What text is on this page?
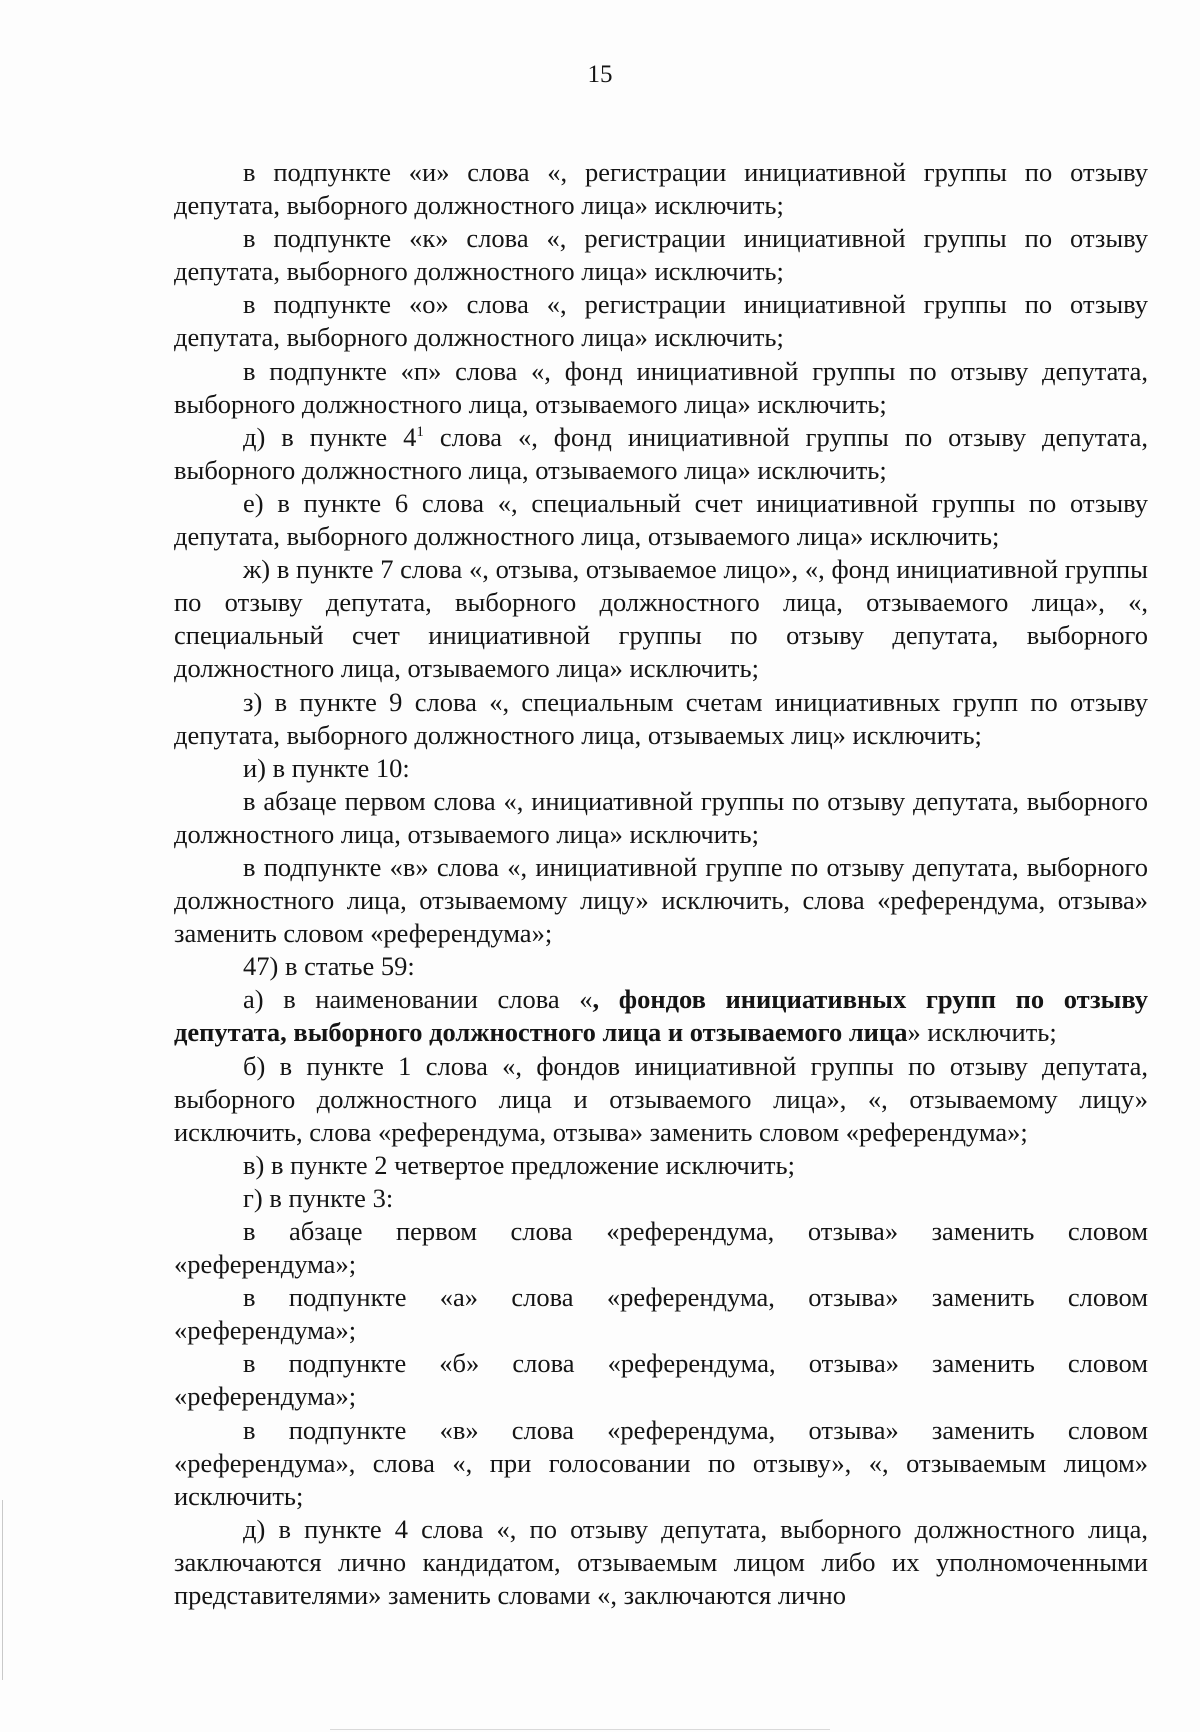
15

в подпункте «и» слова «, регистрации инициативной группы по отзыву депутата, выборного должностного лица» исключить;

в подпункте «к» слова «, регистрации инициативной группы по отзыву депутата, выборного должностного лица» исключить;

в подпункте «о» слова «, регистрации инициативной группы по отзыву депутата, выборного должностного лица» исключить;

в подпункте «п» слова «, фонд инициативной группы по отзыву депутата, выборного должностного лица, отзываемого лица» исключить;

д) в пункте $4^1$ слова «, фонд инициативной группы по отзыву депутата, выборного должностного лица, отзываемого лица» исключить;

е) в пункте 6 слова «, специальный счет инициативной группы по отзыву депутата, выборного должностного лица, отзываемого лица» исключить;

ж) в пункте 7 слова «, отзыва, отзываемое лицо», «, фонд инициативной группы по отзыву депутата, выборного должностного лица, отзываемого лица», «, специальный счет инициативной группы по отзыву депутата, выборного должностного лица, отзываемого лица» исключить;

з) в пункте 9 слова «, специальным счетам инициативных групп по отзыву депутата, выборного должностного лица, отзываемых лиц» исключить;

и) в пункте 10:

в абзаце первом слова «, инициативной группы по отзыву депутата, выборного должностного лица, отзываемого лица» исключить;

в подпункте «в» слова «, инициативной группе по отзыву депутата, выборного должностного лица, отзываемому лицу» исключить, слова «референдума, отзыва» заменить словом «референдума»;

47) в статье 59:

а) в наименовании слова «, фондов инициативных групп по отзыву депутата, выборного должностного лица и отзываемого лица» исключить;

б) в пункте 1 слова «, фондов инициативной группы по отзыву депутата, выборного должностного лица и отзываемого лица», «, отзываемому лицу» исключить, слова «референдума, отзыва» заменить словом «референдума»;

в) в пункте 2 четвертое предложение исключить;

г) в пункте 3:

в абзаце первом слова «референдума, отзыва» заменить словом «референдума»;

в подпункте «а» слова «референдума, отзыва» заменить словом «референдума»;

в подпункте «б» слова «референдума, отзыва» заменить словом «референдума»;

в подпункте «в» слова «референдума, отзыва» заменить словом «референдума», слова «, при голосовании по отзыву», «, отзываемым лицом» исключить;

д) в пункте 4 слова «, по отзыву депутата, выборного должностного лица, заключаются лично кандидатом, отзываемым лицом либо их уполномоченными представителями» заменить словами «, заключаются лично
